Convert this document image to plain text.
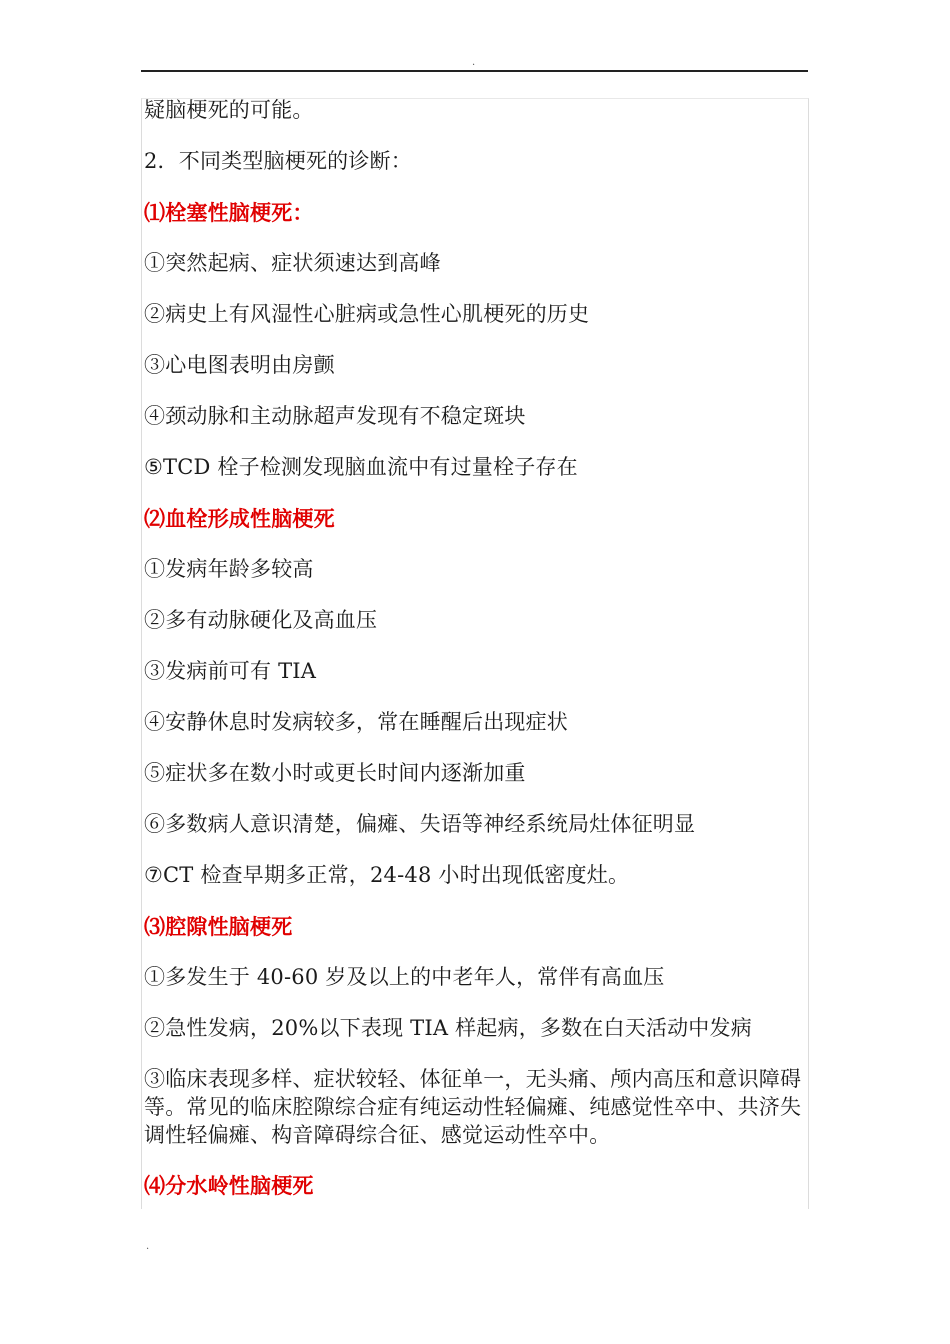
.
疑脑梗死的可能。
2．不同类型脑梗死的诊断：
⑴栓塞性脑梗死：
①突然起病、症状须速达到高峰
②病史上有风湿性心脏病或急性心肌梗死的历史
③心电图表明由房颤
④颈动脉和主动脉超声发现有不稳定斑块
⑤TCD 栓子检测发现脑血流中有过量栓子存在
⑵血栓形成性脑梗死
①发病年龄多较高
②多有动脉硬化及高血压
③发病前可有 TIA
④安静休息时发病较多，常在睡醒后出现症状
⑤症状多在数小时或更长时间内逐渐加重
⑥多数病人意识清楚，偏瘫、失语等神经系统局灶体征明显
⑦CT 检查早期多正常，24-48 小时出现低密度灶。
⑶腔隙性脑梗死
①多发生于 40-60 岁及以上的中老年人，常伴有高血压
②急性发病，20%以下表现 TIA 样起病，多数在白天活动中发病
③临床表现多样、症状较轻、体征单一，无头痛、颅内高压和意识障碍等。常见的临床腔隙综合症有纯运动性轻偏瘫、纯感觉性卒中、共济失调性轻偏瘫、构音障碍综合征、感觉运动性卒中。
⑷分水岭性脑梗死
.
